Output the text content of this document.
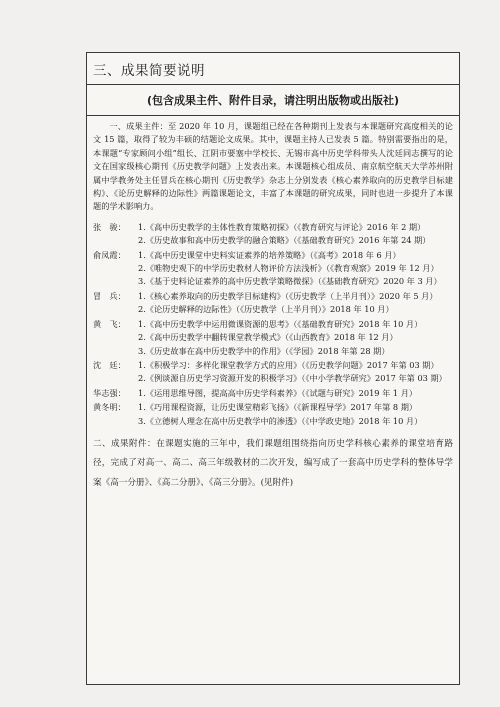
三、成果简要说明
(包含成果主件、附件目录，请注明出版物或出版社)

一、成果主件：至 2020 年 10 月，课题组已经在各种期刊上发表与本课题研究高度相关的论文 15 篇，取得了较为丰硕的结题论文成果。其中，课题主持人已发表 5 篇。特别需要指出的是，本课题“专家顾问小组”组长、江阴市要塞中学校长、无锡市高中历史学科带头人沈廷同志撰写的论文在国家级核心期刊《历史教学问题》上发表出来。本课题核心组成员、南京航空航天大学苏州附属中学教务处主任冒兵在核心期刊《历史教学》杂志上分别发表《核心素养取向的历史教学目标建构》、《论历史解释的边际性》两篇课题论文，丰富了本课题的研究成果，同时也进一步提升了本课题的学术影响力。

张　骏：	1.《高中历史教学的主体性教育策略初探》（《教育研究与评论》2016 年 2 期）

2.《历史故事和高中历史教学的融合策略》（《基础教育研究》2016 年第 24 期）

俞凤霞：	1.《高中历史课堂中史料实证素养的培养策略》（《高考》2018 年 6 月）

2.《唯物史观下的中学历史教材人物评价方法浅析》（《教育观察》2019 年 12 月）

3.《基于史料论证素养的高中历史教学策略微探》（《基础教育研究》2020 年 3 月）

冒　兵：	1.《核心素养取向的历史教学目标建构》（《历史教学（上半月刊）》2020 年 5 月）

2.《论历史解释的边际性》（《历史教学（上半月刊）》2018 年 10 月）

黄　飞：	1.《高中历史教学中运用微课资源的思考》（《基础教育研究》2018 年 10 月）

2.《高中历史教学中翻转课堂教学模式》（《山西教育》2018 年 12 月）

3.《历史故事在高中历史教学中的作用》（《学园》2018 年第 28 期）

沈　廷：	1.《积极学习：多样化课堂教学方式的应用》（《历史教学问题》2017 年第 03 期）

2.《例谈源自历史学习资源开发的积极学习》（《中小学教学研究》2017 年第 03 期）

华志强：	1.《运用思维导图，提高高中历史学科素养》（《试题与研究》2019 年 1 月）

黄冬明：	1.《巧用课程资源，让历史课堂精彩飞扬》（《新课程导学》2017 年第 8 期）

3.《立德树人理念在高中历史教学中的渗透》（《中学政史地》2018 年 10 月）

二、成果附件：在课题实施的三年中，我们课题组围绕指向历史学科核心素养的课堂培育路径，完成了对高一、高二、高三年级教材的二次开发，编写成了一套高中历史学科的整体导学案《高一分册》、《高二分册》、《高三分册》。(见附件)
